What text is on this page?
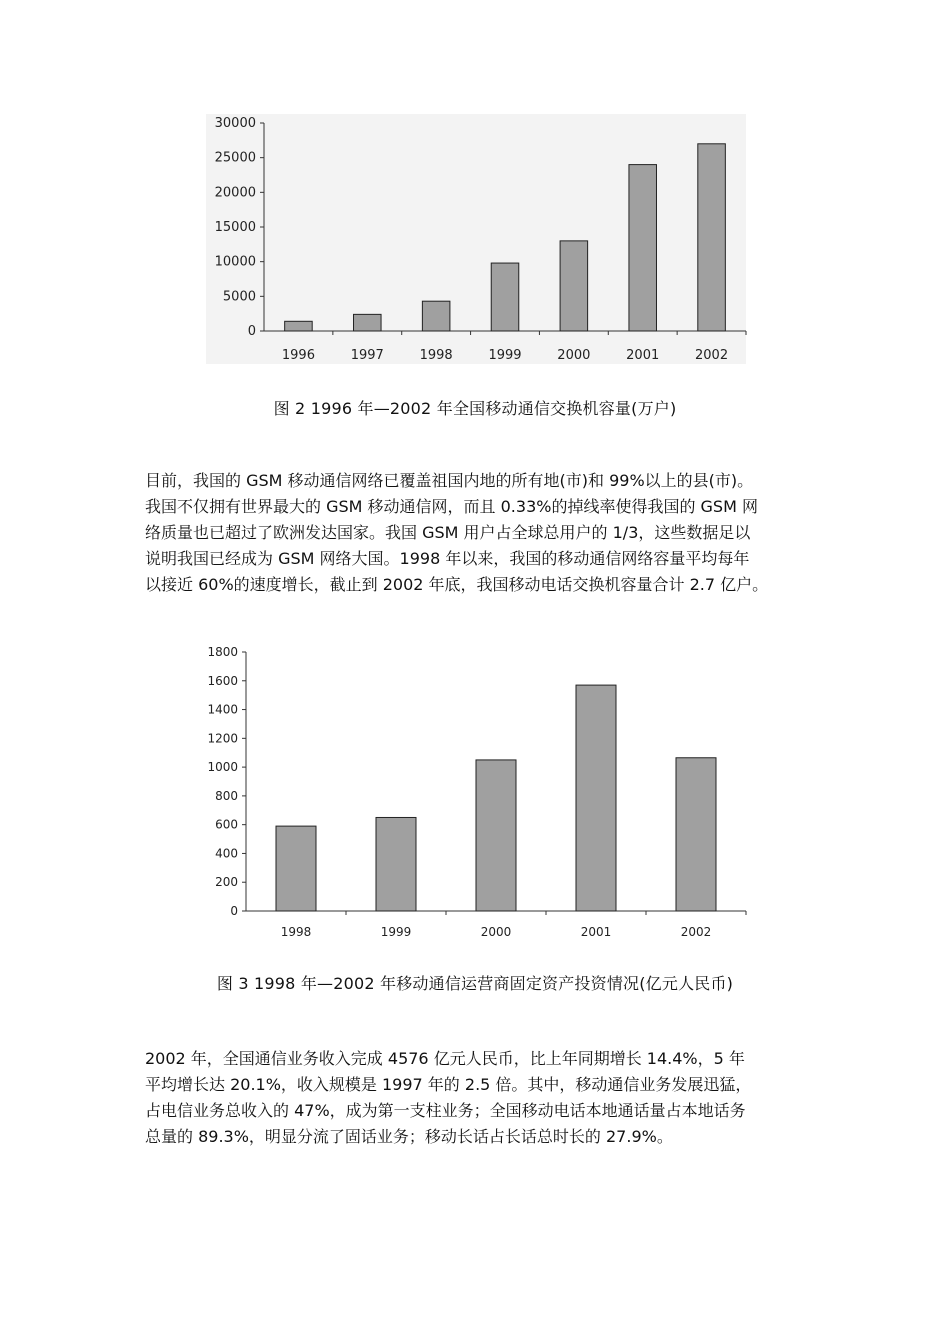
0
5000
10000
15000
20000
25000
30000
1996	1997	1998	1999	2000	2001	2002
图 2 1996 年—2002 年全国移动通信交换机容量(万户)
目前，我国的 GSM 移动通信网络已覆盖祖国内地的所有地(市)和 99%以上的县(市)。
我国不仅拥有世界最大的 GSM 移动通信网，而且 0.33%的掉线率使得我国的 GSM 网
络质量也已超过了欧洲发达国家。我国 GSM 用户占全球总用户的 1/3，这些数据足以
说明我国已经成为 GSM 网络大国。1998 年以来，我国的移动通信网络容量平均每年
以接近 60%的速度增长，截止到 2002 年底，我国移动电话交换机容量合计 2.7 亿户。
0
200
400
600
800
1000
1200
1400
1600
1800
1998	1999	2000	2001	2002
图 3 1998 年—2002 年移动通信运营商固定资产投资情况(亿元人民币)
2002 年，全国通信业务收入完成 4576 亿元人民币，比上年同期增长 14.4%，5 年
平均增长达 20.1%，收入规模是 1997 年的 2.5 倍。其中，移动通信业务发展迅猛，
占电信业务总收入的 47%，成为第一支柱业务；全国移动电话本地通话量占本地话务
总量的 89.3%，明显分流了固话业务；移动长话占长话总时长的 27.9%。
